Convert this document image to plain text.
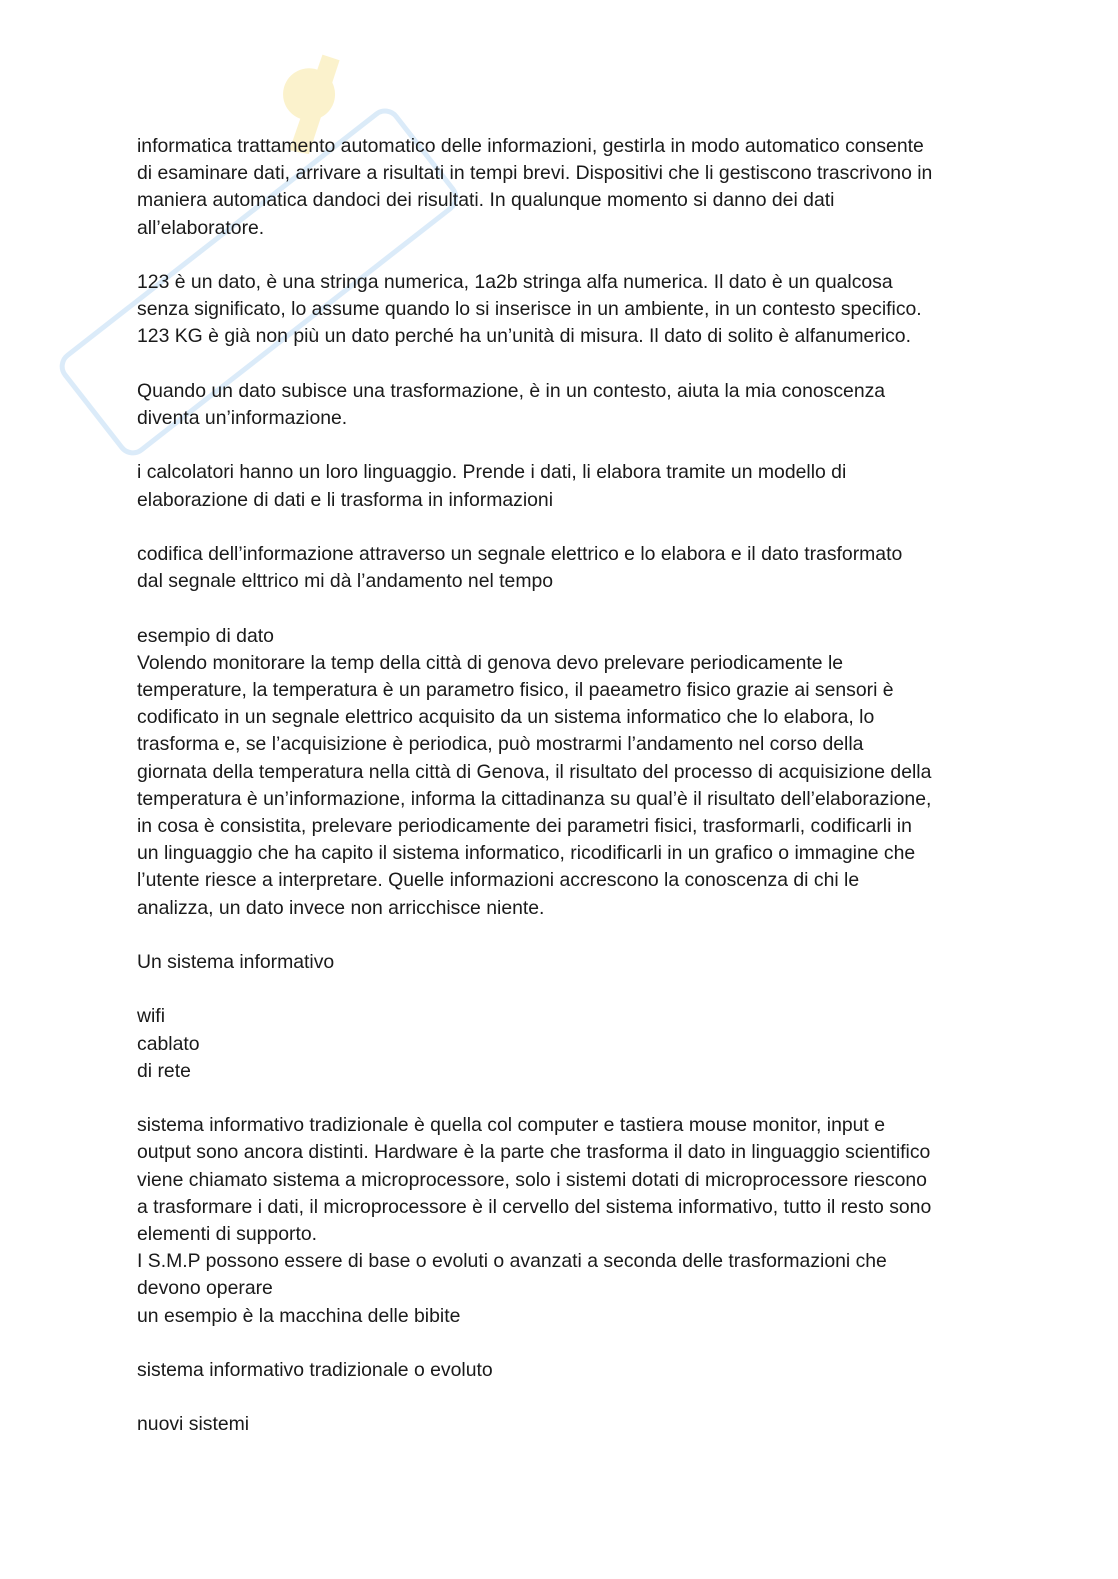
informatica trattamento automatico delle informazioni, gestirla in modo automatico consente
di esaminare dati, arrivare a risultati in tempi brevi. Dispositivi che li gestiscono trascrivono in
maniera automatica dandoci dei risultati. In qualunque momento si danno dei dati
all’elaboratore.
123 è un dato, è una stringa numerica, 1a2b stringa alfa numerica. Il dato è un qualcosa
senza significato, lo assume quando lo si inserisce in un ambiente, in un contesto specifico.
123 KG è già non più un dato perché ha un’unità di misura. Il dato di solito è alfanumerico.
Quando un dato subisce una trasformazione, è in un contesto, aiuta la mia conoscenza
diventa un’informazione.
i calcolatori hanno un loro linguaggio. Prende i dati, li elabora tramite un modello di
elaborazione di dati e li trasforma in informazioni
codifica dell’informazione attraverso un segnale elettrico e lo elabora e il dato trasformato
dal segnale elttrico mi dà l’andamento nel tempo
esempio di dato
Volendo monitorare la temp della città di genova devo prelevare periodicamente le
temperature, la temperatura è un parametro fisico, il paeametro fisico grazie ai sensori è
codificato in un segnale elettrico acquisito da un sistema informatico che lo elabora, lo
trasforma e, se l’acquisizione è periodica, può mostrarmi l’andamento nel corso della
giornata della temperatura nella città di Genova, il risultato del processo di acquisizione della
temperatura è un’informazione, informa la cittadinanza su qual’è il risultato dell’elaborazione,
in cosa è consistita, prelevare periodicamente dei parametri fisici, trasformarli, codificarli in
un linguaggio che ha capito il sistema informatico, ricodificarli in un grafico o immagine che
l’utente riesce a interpretare. Quelle informazioni accrescono la conoscenza di chi le
analizza, un dato invece non arricchisce niente.
Un sistema informativo
wifi
cablato
di rete
sistema informativo tradizionale è quella col computer e tastiera mouse monitor, input e
output sono ancora distinti. Hardware è la parte che trasforma il dato in linguaggio scientifico
viene chiamato sistema a microprocessore, solo i sistemi dotati di microprocessore riescono
a trasformare i dati, il microprocessore è il cervello del sistema informativo, tutto il resto sono
elementi di supporto.
I S.M.P possono essere di base o evoluti o avanzati a seconda delle trasformazioni che
devono operare
un esempio è la macchina delle bibite
sistema informativo tradizionale o evoluto
nuovi sistemi
